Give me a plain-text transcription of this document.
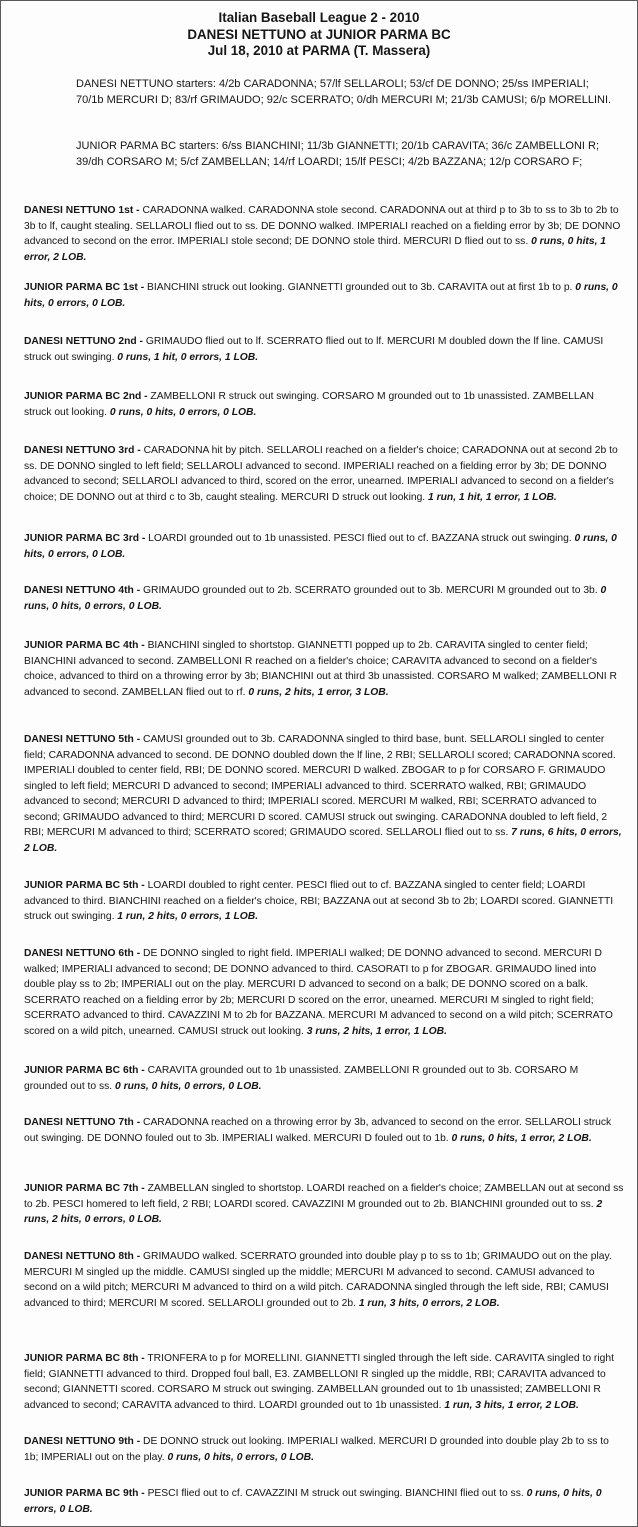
Italian Baseball League 2 - 2010
DANESI NETTUNO at JUNIOR PARMA BC
Jul 18, 2010 at PARMA (T. Massera)
DANESI NETTUNO starters: 4/2b CARADONNA; 57/lf SELLAROLI; 53/cf DE DONNO; 25/ss IMPERIALI; 70/1b MERCURI D; 83/rf GRIMAUDO; 92/c SCERRATO; 0/dh MERCURI M; 21/3b CAMUSI; 6/p MORELLINI.
JUNIOR PARMA BC starters: 6/ss BIANCHINI; 11/3b GIANNETTI; 20/1b CARAVITA; 36/c ZAMBELLONI R; 39/dh CORSARO M; 5/cf ZAMBELLAN; 14/rf LOARDI; 15/lf PESCI; 4/2b BAZZANA; 12/p CORSARO F;
DANESI NETTUNO 1st - CARADONNA walked. CARADONNA stole second. CARADONNA out at third p to 3b to ss to 3b to 2b to 3b to lf, caught stealing. SELLAROLI flied out to ss. DE DONNO walked. IMPERIALI reached on a fielding error by 3b; DE DONNO advanced to second on the error. IMPERIALI stole second; DE DONNO stole third. MERCURI D flied out to ss. 0 runs, 0 hits, 1 error, 2 LOB.
JUNIOR PARMA BC 1st - BIANCHINI struck out looking. GIANNETTI grounded out to 3b. CARAVITA out at first 1b to p. 0 runs, 0 hits, 0 errors, 0 LOB.
DANESI NETTUNO 2nd - GRIMAUDO flied out to lf. SCERRATO flied out to lf. MERCURI M doubled down the lf line. CAMUSI struck out swinging. 0 runs, 1 hit, 0 errors, 1 LOB.
JUNIOR PARMA BC 2nd - ZAMBELLONI R struck out swinging. CORSARO M grounded out to 1b unassisted. ZAMBELLAN struck out looking. 0 runs, 0 hits, 0 errors, 0 LOB.
DANESI NETTUNO 3rd - CARADONNA hit by pitch. SELLAROLI reached on a fielder's choice; CARADONNA out at second 2b to ss. DE DONNO singled to left field; SELLAROLI advanced to second. IMPERIALI reached on a fielding error by 3b; DE DONNO advanced to second; SELLAROLI advanced to third, scored on the error, unearned. IMPERIALI advanced to second on a fielder's choice; DE DONNO out at third c to 3b, caught stealing. MERCURI D struck out looking. 1 run, 1 hit, 1 error, 1 LOB.
JUNIOR PARMA BC 3rd - LOARDI grounded out to 1b unassisted. PESCI flied out to cf. BAZZANA struck out swinging. 0 runs, 0 hits, 0 errors, 0 LOB.
DANESI NETTUNO 4th - GRIMAUDO grounded out to 2b. SCERRATO grounded out to 3b. MERCURI M grounded out to 3b. 0 runs, 0 hits, 0 errors, 0 LOB.
JUNIOR PARMA BC 4th - BIANCHINI singled to shortstop. GIANNETTI popped up to 2b. CARAVITA singled to center field; BIANCHINI advanced to second. ZAMBELLONI R reached on a fielder's choice; CARAVITA advanced to second on a fielder's choice, advanced to third on a throwing error by 3b; BIANCHINI out at third 3b unassisted. CORSARO M walked; ZAMBELLONI R advanced to second. ZAMBELLAN flied out to rf. 0 runs, 2 hits, 1 error, 3 LOB.
DANESI NETTUNO 5th - CAMUSI grounded out to 3b. CARADONNA singled to third base, bunt. SELLAROLI singled to center field; CARADONNA advanced to second. DE DONNO doubled down the lf line, 2 RBI; SELLAROLI scored; CARADONNA scored. IMPERIALI doubled to center field, RBI; DE DONNO scored. MERCURI D walked. ZBOGAR to p for CORSARO F. GRIMAUDO singled to left field; MERCURI D advanced to second; IMPERIALI advanced to third. SCERRATO walked, RBI; GRIMAUDO advanced to second; MERCURI D advanced to third; IMPERIALI scored. MERCURI M walked, RBI; SCERRATO advanced to second; GRIMAUDO advanced to third; MERCURI D scored. CAMUSI struck out swinging. CARADONNA doubled to left field, 2 RBI; MERCURI M advanced to third; SCERRATO scored; GRIMAUDO scored. SELLAROLI flied out to ss. 7 runs, 6 hits, 0 errors, 2 LOB.
JUNIOR PARMA BC 5th - LOARDI doubled to right center. PESCI flied out to cf. BAZZANA singled to center field; LOARDI advanced to third. BIANCHINI reached on a fielder's choice, RBI; BAZZANA out at second 3b to 2b; LOARDI scored. GIANNETTI struck out swinging. 1 run, 2 hits, 0 errors, 1 LOB.
DANESI NETTUNO 6th - DE DONNO singled to right field. IMPERIALI walked; DE DONNO advanced to second. MERCURI D walked; IMPERIALI advanced to second; DE DONNO advanced to third. CASORATI to p for ZBOGAR. GRIMAUDO lined into double play ss to 2b; IMPERIALI out on the play. MERCURI D advanced to second on a balk; DE DONNO scored on a balk. SCERRATO reached on a fielding error by 2b; MERCURI D scored on the error, unearned. MERCURI M singled to right field; SCERRATO advanced to third. CAVAZZINI M to 2b for BAZZANA. MERCURI M advanced to second on a wild pitch; SCERRATO scored on a wild pitch, unearned. CAMUSI struck out looking. 3 runs, 2 hits, 1 error, 1 LOB.
JUNIOR PARMA BC 6th - CARAVITA grounded out to 1b unassisted. ZAMBELLONI R grounded out to 3b. CORSARO M grounded out to ss. 0 runs, 0 hits, 0 errors, 0 LOB.
DANESI NETTUNO 7th - CARADONNA reached on a throwing error by 3b, advanced to second on the error. SELLAROLI struck out swinging. DE DONNO fouled out to 3b. IMPERIALI walked. MERCURI D fouled out to 1b. 0 runs, 0 hits, 1 error, 2 LOB.
JUNIOR PARMA BC 7th - ZAMBELLAN singled to shortstop. LOARDI reached on a fielder's choice; ZAMBELLAN out at second ss to 2b. PESCI homered to left field, 2 RBI; LOARDI scored. CAVAZZINI M grounded out to 2b. BIANCHINI grounded out to ss. 2 runs, 2 hits, 0 errors, 0 LOB.
DANESI NETTUNO 8th - GRIMAUDO walked. SCERRATO grounded into double play p to ss to 1b; GRIMAUDO out on the play. MERCURI M singled up the middle. CAMUSI singled up the middle; MERCURI M advanced to second. CAMUSI advanced to second on a wild pitch; MERCURI M advanced to third on a wild pitch. CARADONNA singled through the left side, RBI; CAMUSI advanced to third; MERCURI M scored. SELLAROLI grounded out to 2b. 1 run, 3 hits, 0 errors, 2 LOB.
JUNIOR PARMA BC 8th - TRIONFERA to p for MORELLINI. GIANNETTI singled through the left side. CARAVITA singled to right field; GIANNETTI advanced to third. Dropped foul ball, E3. ZAMBELLONI R singled up the middle, RBI; CARAVITA advanced to second; GIANNETTI scored. CORSARO M struck out swinging. ZAMBELLAN grounded out to 1b unassisted; ZAMBELLONI R advanced to second; CARAVITA advanced to third. LOARDI grounded out to 1b unassisted. 1 run, 3 hits, 1 error, 2 LOB.
DANESI NETTUNO 9th - DE DONNO struck out looking. IMPERIALI walked. MERCURI D grounded into double play 2b to ss to 1b; IMPERIALI out on the play. 0 runs, 0 hits, 0 errors, 0 LOB.
JUNIOR PARMA BC 9th - PESCI flied out to cf. CAVAZZINI M struck out swinging. BIANCHINI flied out to ss. 0 runs, 0 hits, 0 errors, 0 LOB.
